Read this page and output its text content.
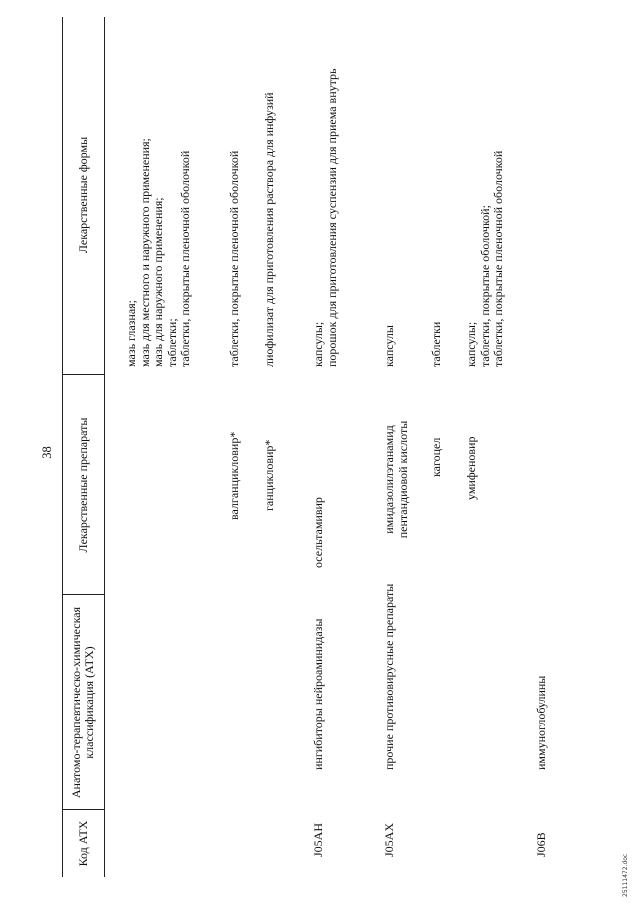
38
Код АТХ
Анатомо-терапевтическо-химическая классификация (АТХ)
Лекарственные препараты
Лекарственные формы
мазь глазная; мазь для местного и наружного применения; мазь для наружного применения; таблетки; таблетки, покрытые пленочной оболочкой
валганцикловир*
таблетки, покрытые пленочной оболочкой
ганцикловир*
лиофилизат для приготовления раствора для инфузий
J05AH
ингибиторы нейроаминидазы
осельтамивир
капсулы; порошок для приготовления суспензии для приема внутрь
J05AX
прочие противовирусные препараты
имидазолилэтанамид пентандиовой кислоты
капсулы
кагоцел
таблетки
умифеновир
капсулы; таблетки, покрытые оболочкой; таблетки, покрытые пленочной оболочкой
J06B
иммуноглобулины
25111472.doc
